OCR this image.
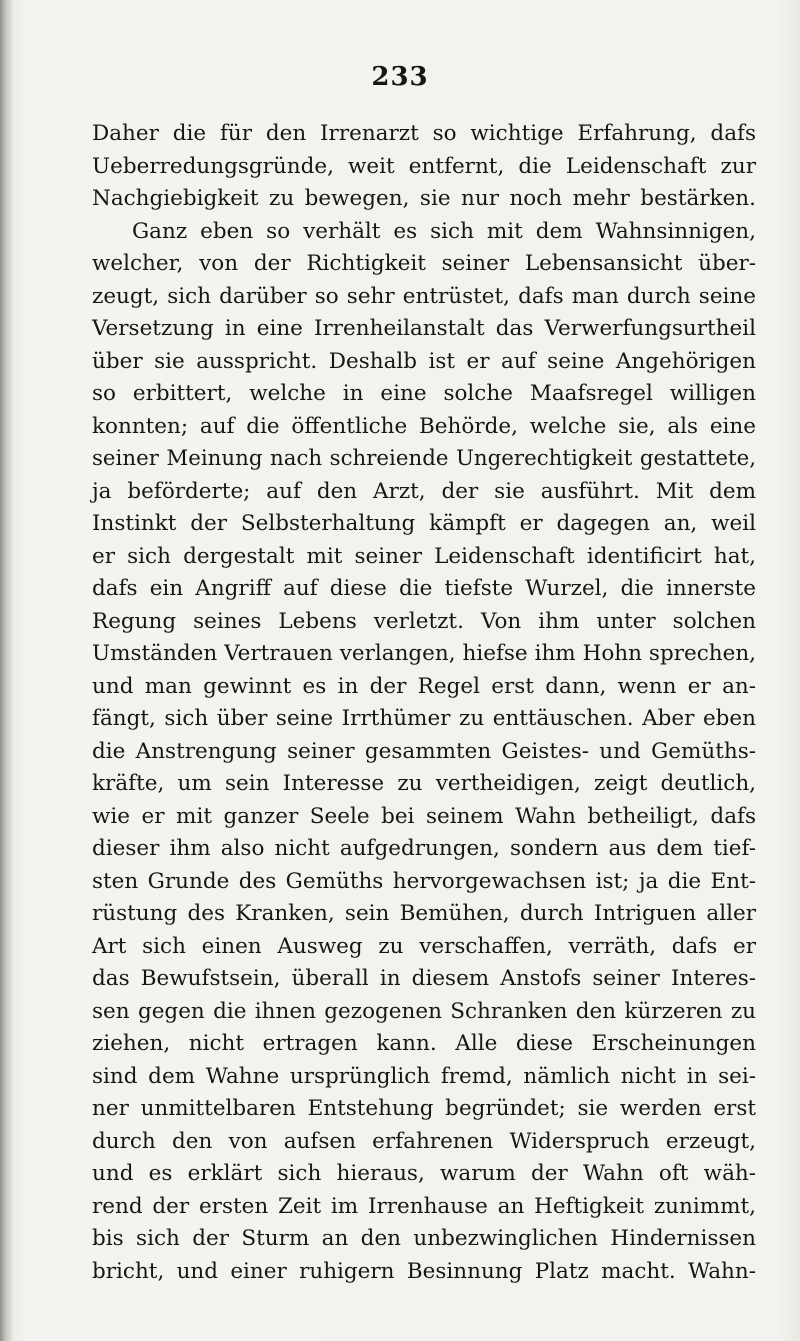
233
Daher die für den Irrenarzt so wichtige Erfahrung, dafs
Ueberredungsgründe, weit entfernt, die Leidenschaft zur
Nachgiebigkeit zu bewegen, sie nur noch mehr bestärken.
Ganz eben so verhält es sich mit dem Wahnsinnigen,
welcher, von der Richtigkeit seiner Lebensansicht über-
zeugt, sich darüber so sehr entrüstet, dafs man durch seine
Versetzung in eine Irrenheilanstalt das Verwerfungsurtheil
über sie ausspricht. Deshalb ist er auf seine Angehörigen
so erbittert, welche in eine solche Maafsregel willigen
konnten; auf die öffentliche Behörde, welche sie, als eine
seiner Meinung nach schreiende Ungerechtigkeit gestattete,
ja beförderte; auf den Arzt, der sie ausführt. Mit dem
Instinkt der Selbsterhaltung kämpft er dagegen an, weil
er sich dergestalt mit seiner Leidenschaft identificirt hat,
dafs ein Angriff auf diese die tiefste Wurzel, die innerste
Regung seines Lebens verletzt. Von ihm unter solchen
Umständen Vertrauen verlangen, hiefse ihm Hohn sprechen,
und man gewinnt es in der Regel erst dann, wenn er an-
fängt, sich über seine Irrthümer zu enttäuschen. Aber eben
die Anstrengung seiner gesammten Geistes- und Gemüths-
kräfte, um sein Interesse zu vertheidigen, zeigt deutlich,
wie er mit ganzer Seele bei seinem Wahn betheiligt, dafs
dieser ihm also nicht aufgedrungen, sondern aus dem tief-
sten Grunde des Gemüths hervorgewachsen ist; ja die Ent-
rüstung des Kranken, sein Bemühen, durch Intriguen aller
Art sich einen Ausweg zu verschaffen, verräth, dafs er
das Bewufstsein, überall in diesem Anstofs seiner Interes-
sen gegen die ihnen gezogenen Schranken den kürzeren zu
ziehen, nicht ertragen kann. Alle diese Erscheinungen
sind dem Wahne ursprünglich fremd, nämlich nicht in sei-
ner unmittelbaren Entstehung begründet; sie werden erst
durch den von aufsen erfahrenen Widerspruch erzeugt,
und es erklärt sich hieraus, warum der Wahn oft wäh-
rend der ersten Zeit im Irrenhause an Heftigkeit zunimmt,
bis sich der Sturm an den unbezwinglichen Hindernissen
bricht, und einer ruhigern Besinnung Platz macht. Wahn-
